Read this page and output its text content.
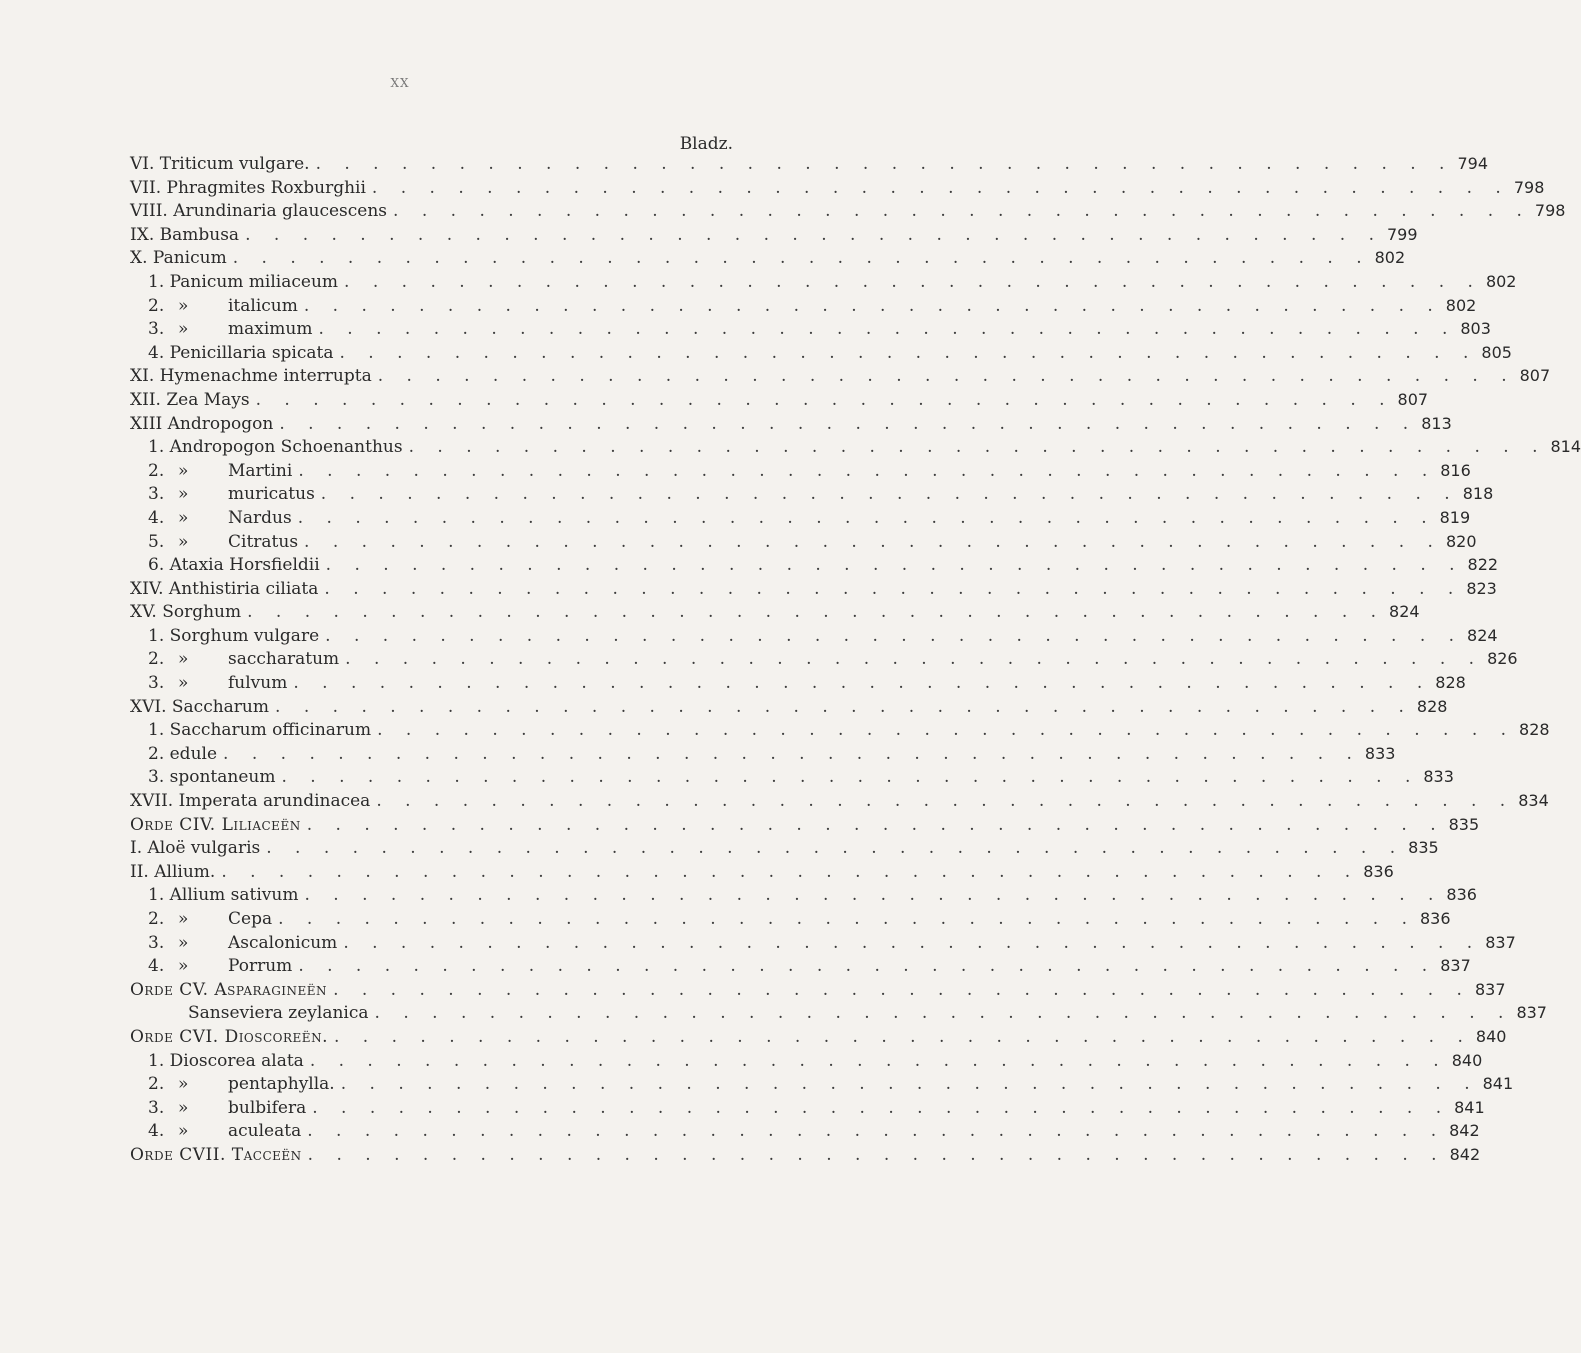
XX
Bladz.
VI. Triticum vulgare. . . . . . . . . . . . . . . . . . . . . . . . . . . . . . . . . . . . . . . . . 794
VII. Phragmites Roxburghii . . . . . . . . . . . . . . . . . . . . . . . . . . . . . . . . . . . . . . . . 798
VIII. Arundinaria glaucescens . . . . . . . . . . . . . . . . . . . . . . . . . . . . . . . . . . . . . . . . 798
IX. Bambusa . . . . . . . . . . . . . . . . . . . . . . . . . . . . . . . . . . . . . . . . 799
X. Panicum . . . . . . . . . . . . . . . . . . . . . . . . . . . . . . . . . . . . . . . . 802
1. Panicum miliaceum . . . . . . . . . . . . . . . . . . . . . . . . . . . . . . . . . . . . . . . . 802
2. » italicum . . . . . . . . . . . . . . . . . . . . . . . . . . . . . . . . . . . . . . . . 802
3. » maximum . . . . . . . . . . . . . . . . . . . . . . . . . . . . . . . . . . . . . . . . 803
4. Penicillaria spicata . . . . . . . . . . . . . . . . . . . . . . . . . . . . . . . . . . . . . . . . 805
XI. Hymenachme interrupta . . . . . . . . . . . . . . . . . . . . . . . . . . . . . . . . . . . . . . . . 807
XII. Zea Mays . . . . . . . . . . . . . . . . . . . . . . . . . . . . . . . . . . . . . . . . 807
XIII Andropogon . . . . . . . . . . . . . . . . . . . . . . . . . . . . . . . . . . . . . . . . 813
1. Andropogon Schoenanthus . . . . . . . . . . . . . . . . . . . . . . . . . . . . . . . . . . . . . . . . 814
2. » Martini . . . . . . . . . . . . . . . . . . . . . . . . . . . . . . . . . . . . . . . . 816
3. » muricatus . . . . . . . . . . . . . . . . . . . . . . . . . . . . . . . . . . . . . . . . 818
4. » Nardus . . . . . . . . . . . . . . . . . . . . . . . . . . . . . . . . . . . . . . . . 819
5. » Citratus . . . . . . . . . . . . . . . . . . . . . . . . . . . . . . . . . . . . . . . . 820
6. Ataxia Horsfieldii . . . . . . . . . . . . . . . . . . . . . . . . . . . . . . . . . . . . . . . . 822
XIV. Anthistiria ciliata . . . . . . . . . . . . . . . . . . . . . . . . . . . . . . . . . . . . . . . . 823
XV. Sorghum . . . . . . . . . . . . . . . . . . . . . . . . . . . . . . . . . . . . . . . . 824
1. Sorghum vulgare . . . . . . . . . . . . . . . . . . . . . . . . . . . . . . . . . . . . . . . . 824
2. » saccharatum . . . . . . . . . . . . . . . . . . . . . . . . . . . . . . . . . . . . . . . . 826
3. » fulvum . . . . . . . . . . . . . . . . . . . . . . . . . . . . . . . . . . . . . . . . 828
XVI. Saccharum . . . . . . . . . . . . . . . . . . . . . . . . . . . . . . . . . . . . . . . . 828
1. Saccharum officinarum . . . . . . . . . . . . . . . . . . . . . . . . . . . . . . . . . . . . . . . . 828
2. edule . . . . . . . . . . . . . . . . . . . . . . . . . . . . . . . . . . . . . . . . 833
3. spontaneum . . . . . . . . . . . . . . . . . . . . . . . . . . . . . . . . . . . . . . . . 833
XVII. Imperata arundinacea . . . . . . . . . . . . . . . . . . . . . . . . . . . . . . . . . . . . . . . . 834
Orde CIV. Liliaceën . . . . . . . . . . . . . . . . . . . . . . . . . . . . . . . . . . . . . . . . 835
I. Aloë vulgaris . . . . . . . . . . . . . . . . . . . . . . . . . . . . . . . . . . . . . . . . 835
II. Allium. . . . . . . . . . . . . . . . . . . . . . . . . . . . . . . . . . . . . . . . . 836
1. Allium sativum . . . . . . . . . . . . . . . . . . . . . . . . . . . . . . . . . . . . . . . . 836
2. » Cepa . . . . . . . . . . . . . . . . . . . . . . . . . . . . . . . . . . . . . . . . 836
3. » Ascalonicum . . . . . . . . . . . . . . . . . . . . . . . . . . . . . . . . . . . . . . . . 837
4. » Porrum . . . . . . . . . . . . . . . . . . . . . . . . . . . . . . . . . . . . . . . . 837
Orde CV. Asparagineën . . . . . . . . . . . . . . . . . . . . . . . . . . . . . . . . . . . . . . . . 837
Sanseviera zeylanica . . . . . . . . . . . . . . . . . . . . . . . . . . . . . . . . . . . . . . . . 837
Orde CVI. Dioscoreën. . . . . . . . . . . . . . . . . . . . . . . . . . . . . . . . . . . . . . . . . 840
1. Dioscorea alata . . . . . . . . . . . . . . . . . . . . . . . . . . . . . . . . . . . . . . . . 840
2. » pentaphylla. . . . . . . . . . . . . . . . . . . . . . . . . . . . . . . . . . . . . . . . . 841
3. » bulbifera . . . . . . . . . . . . . . . . . . . . . . . . . . . . . . . . . . . . . . . . 841
4. » aculeata . . . . . . . . . . . . . . . . . . . . . . . . . . . . . . . . . . . . . . . . 842
Orde CVII. Taccеën . . . . . . . . . . . . . . . . . . . . . . . . . . . . . . . . . . . . . . . . 842
